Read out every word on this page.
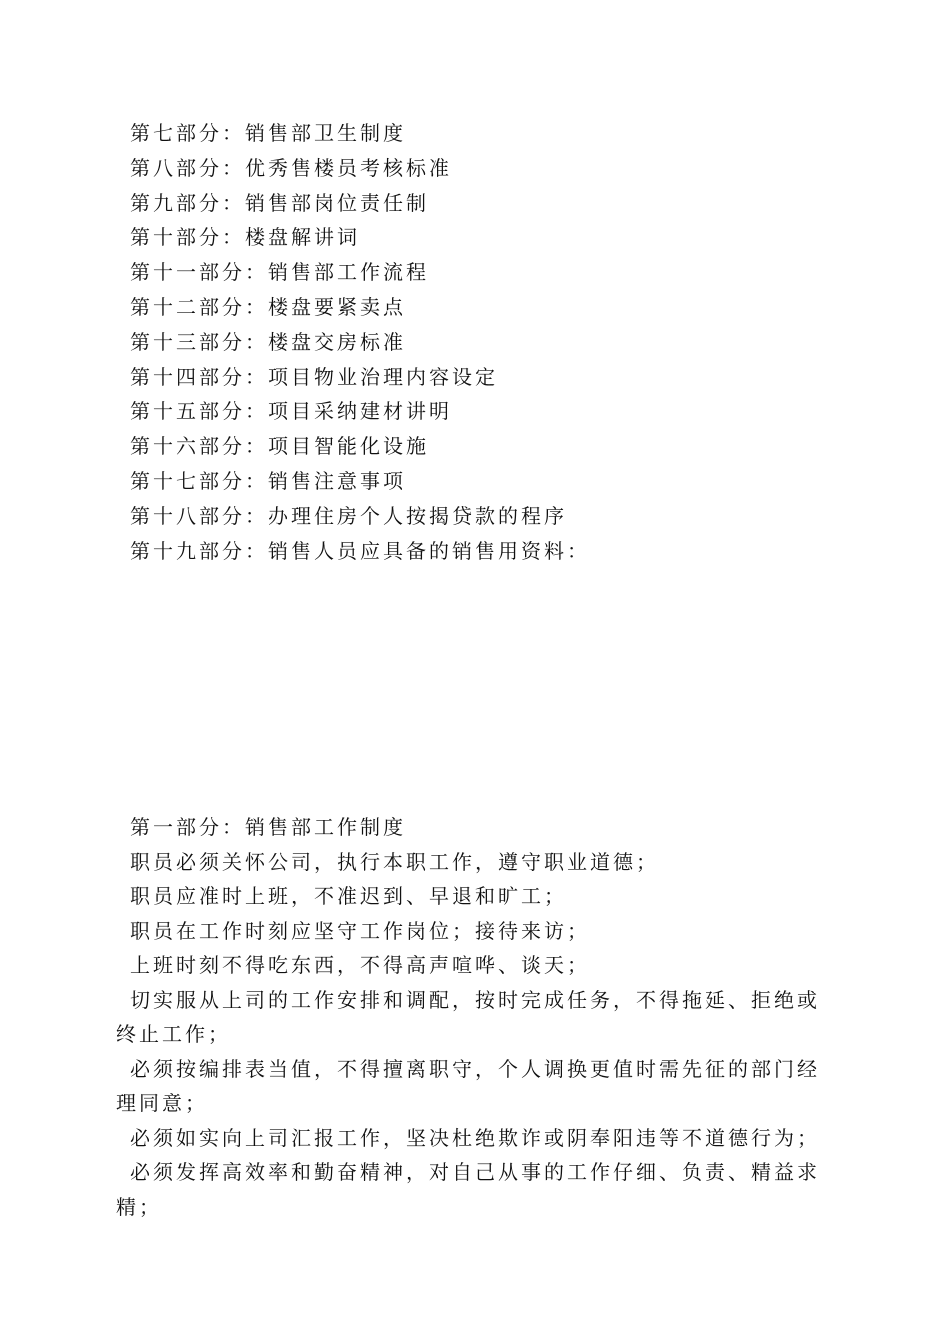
第七部分：销售部卫生制度
第八部分：优秀售楼员考核标准
第九部分：销售部岗位责任制
第十部分：楼盘解讲词
第十一部分：销售部工作流程
第十二部分：楼盘要紧卖点
第十三部分：楼盘交房标准
第十四部分：项目物业治理内容设定
第十五部分：项目采纳建材讲明
第十六部分：项目智能化设施
第十七部分：销售注意事项
第十八部分：办理住房个人按揭贷款的程序
第十九部分：销售人员应具备的销售用资料：
第一部分：销售部工作制度

职员必须关怀公司，执行本职工作，遵守职业道德；

职员应准时上班，不准迟到、早退和旷工；

职员在工作时刻应坚守工作岗位；接待来访；

上班时刻不得吃东西，不得高声喧哗、谈天；

切实服从上司的工作安排和调配，按时完成任务，不得拖延、拒绝或终止工作；

必须按编排表当值，不得擅离职守，个人调换更值时需先征的部门经理同意；

必须如实向上司汇报工作，坚决杜绝欺诈或阴奉阳违等不道德行为；

必须发挥高效率和勤奋精神，对自己从事的工作仔细、负责、精益求精；
